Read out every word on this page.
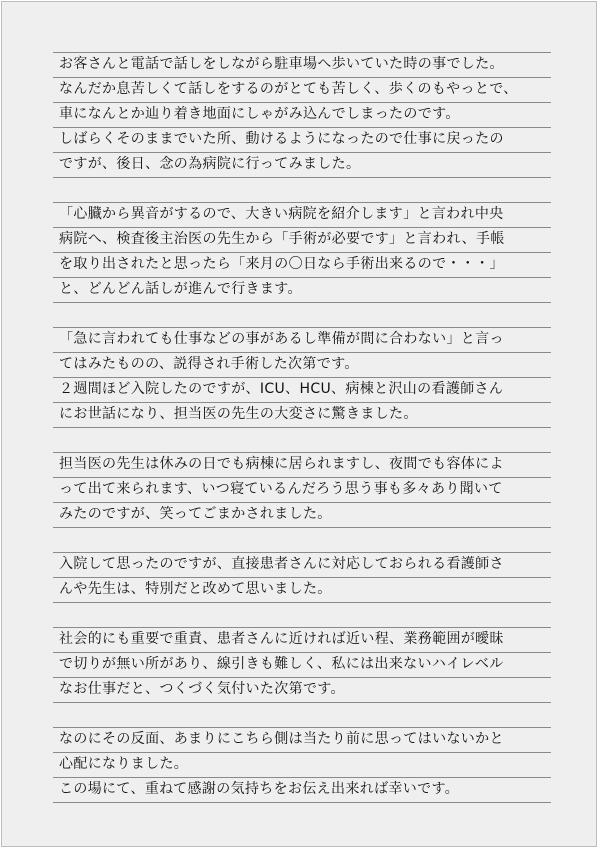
お客さんと電話で話しをしながら駐車場へ歩いていた時の事でした。
なんだか息苦しくて話しをするのがとても苦しく、歩くのもやっとで、
車になんとか辿り着き地面にしゃがみ込んでしまったのです。
しばらくそのままでいた所、動けるようになったので仕事に戻ったの
ですが、後日、念の為病院に行ってみました。
「心臓から異音がするので、大きい病院を紹介します」と言われ中央
病院へ、検査後主治医の先生から「手術が必要です」と言われ、手帳
を取り出されたと思ったら「来月の〇日なら手術出来るので・・・」
と、どんどん話しが進んで行きます。
「急に言われても仕事などの事があるし準備が間に合わない」と言っ
てはみたものの、説得され手術した次第です。
２週間ほど入院したのですが、ICU、HCU、病棟と沢山の看護師さん
にお世話になり、担当医の先生の大変さに驚きました。
担当医の先生は休みの日でも病棟に居られますし、夜間でも容体によ
って出て来られます、いつ寝ているんだろう思う事も多々あり聞いて
みたのですが、笑ってごまかされました。
入院して思ったのですが、直接患者さんに対応しておられる看護師さ
んや先生は、特別だと改めて思いました。
社会的にも重要で重責、患者さんに近ければ近い程、業務範囲が曖昧
で切りが無い所があり、線引きも難しく、私には出来ないハイレベル
なお仕事だと、つくづく気付いた次第です。
なのにその反面、あまりにこちら側は当たり前に思ってはいないかと
心配になりました。
この場にて、重ねて感謝の気持ちをお伝え出来れば幸いです。
